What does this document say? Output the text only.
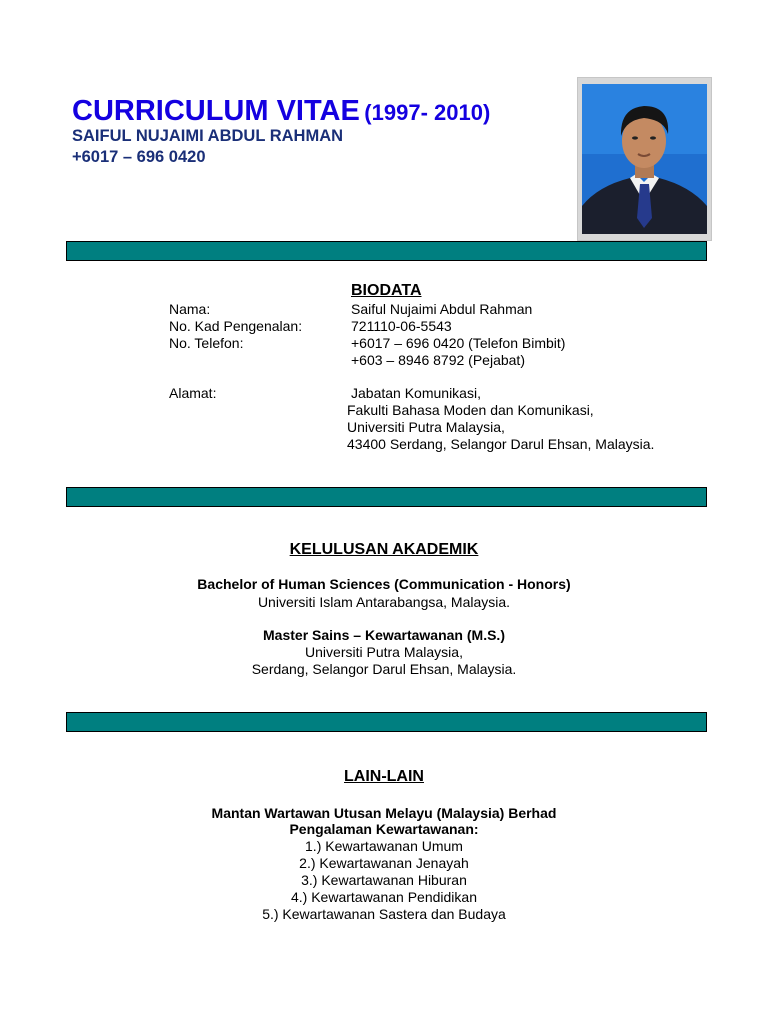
CURRICULUM VITAE (1997- 2010)
SAIFUL NUJAIMI ABDUL RAHMAN
+6017 – 696 0420
BIODATA
Nama:	Saiful Nujaimi Abdul Rahman
No. Kad Pengenalan:	721110-06-5543
No. Telefon:	+6017 – 696 0420 (Telefon Bimbit)
+603 – 8946 8792 (Pejabat)
Alamat:	Jabatan Komunikasi,
Fakulti Bahasa Moden dan Komunikasi,
Universiti Putra Malaysia,
43400 Serdang, Selangor Darul Ehsan, Malaysia.
KELULUSAN AKADEMIK
Bachelor of Human Sciences (Communication - Honors)
Universiti Islam Antarabangsa, Malaysia.
Master Sains – Kewartawanan (M.S.)
Universiti Putra Malaysia,
Serdang, Selangor Darul Ehsan, Malaysia.
LAIN-LAIN
Mantan Wartawan Utusan Melayu (Malaysia) Berhad
Pengalaman Kewartawanan:
1.) Kewartawanan Umum
2.) Kewartawanan Jenayah
3.) Kewartawanan Hiburan
4.) Kewartawanan Pendidikan
5.) Kewartawanan Sastera dan Budaya
